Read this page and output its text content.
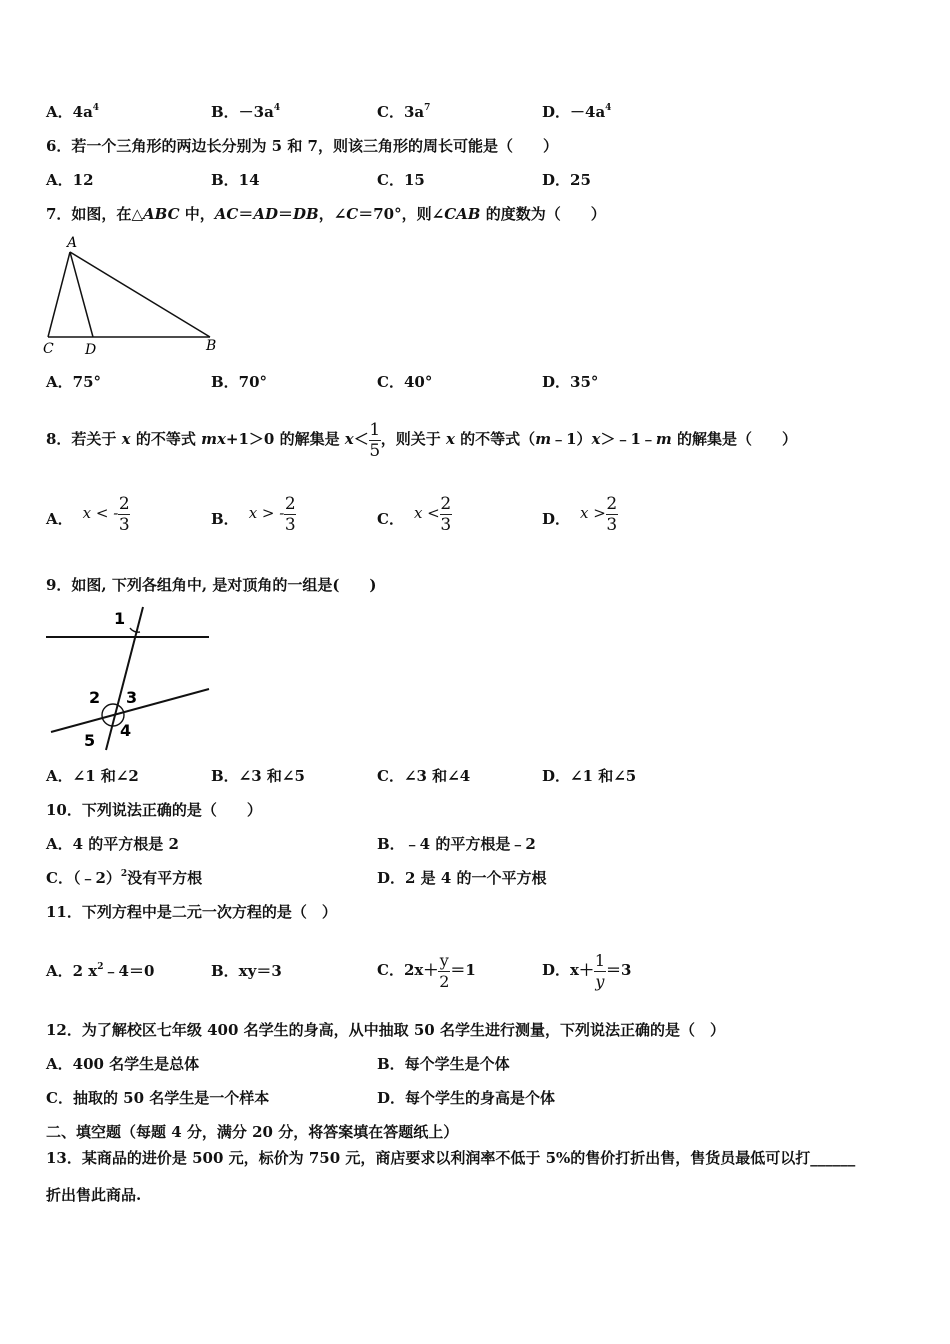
A．$4a^4$	B．$-3a^4$	C．$3a^7$	D．$-4a^4$
6．若一个三角形的两边长分别为 5 和 7，则该三角形的周长可能是（　　）
A．12	B．14	C．15	D．25
7．如图，在△ABC 中，AC＝AD＝DB，∠C＝70°，则∠CAB 的度数为（　　）
A
C D	B
A．75°	B．70°	C．40°	D．35°
8．若关于 x 的不等式 mx+1＞0 的解集是 $x< \frac{1}{5}$ ，则关于 x 的不等式（m﹣1）x＞﹣1﹣m 的解集是（　　）
A． x < - $\frac{2}{3}$	B． x > - $\frac{2}{3}$	C． $x < \frac{2}{3}$	D． $x > \frac{2}{3}$
9．如图, 下列各组角中, 是对顶角的一组是(　　)
1
2 3
4
5
A．∠1 和∠2	B．∠3 和∠5	C．∠3 和∠4	D．∠1 和∠5
10．下列说法正确的是（　　）
A．4 的平方根是 2	B．﹣4 的平方根是﹣2
C．（﹣2）$^2$没有平方根	D．2 是 4 的一个平方根
11．下列方程中是二元一次方程的是（　）
A．2 $x^2﹣4=0$	B．xy＝3	C．$2x+ \frac{y}{2} =1$	D．$x+ \frac{1}{y} =3$
12．为了解校区七年级 400 名学生的身高，从中抽取 50 名学生进行测量，下列说法正确的是（　）
A．400 名学生是总体	B．每个学生是个体
C．抽取的 50 名学生是一个样本	D．每个学生的身高是个体
二、填空题（每题 4 分，满分 20 分，将答案填在答题纸上）
13．某商品的进价是 500 元，标价为 750 元，商店要求以利润率不低于 5%的售价打折出售，售货员最低可以打______
折出售此商品.
